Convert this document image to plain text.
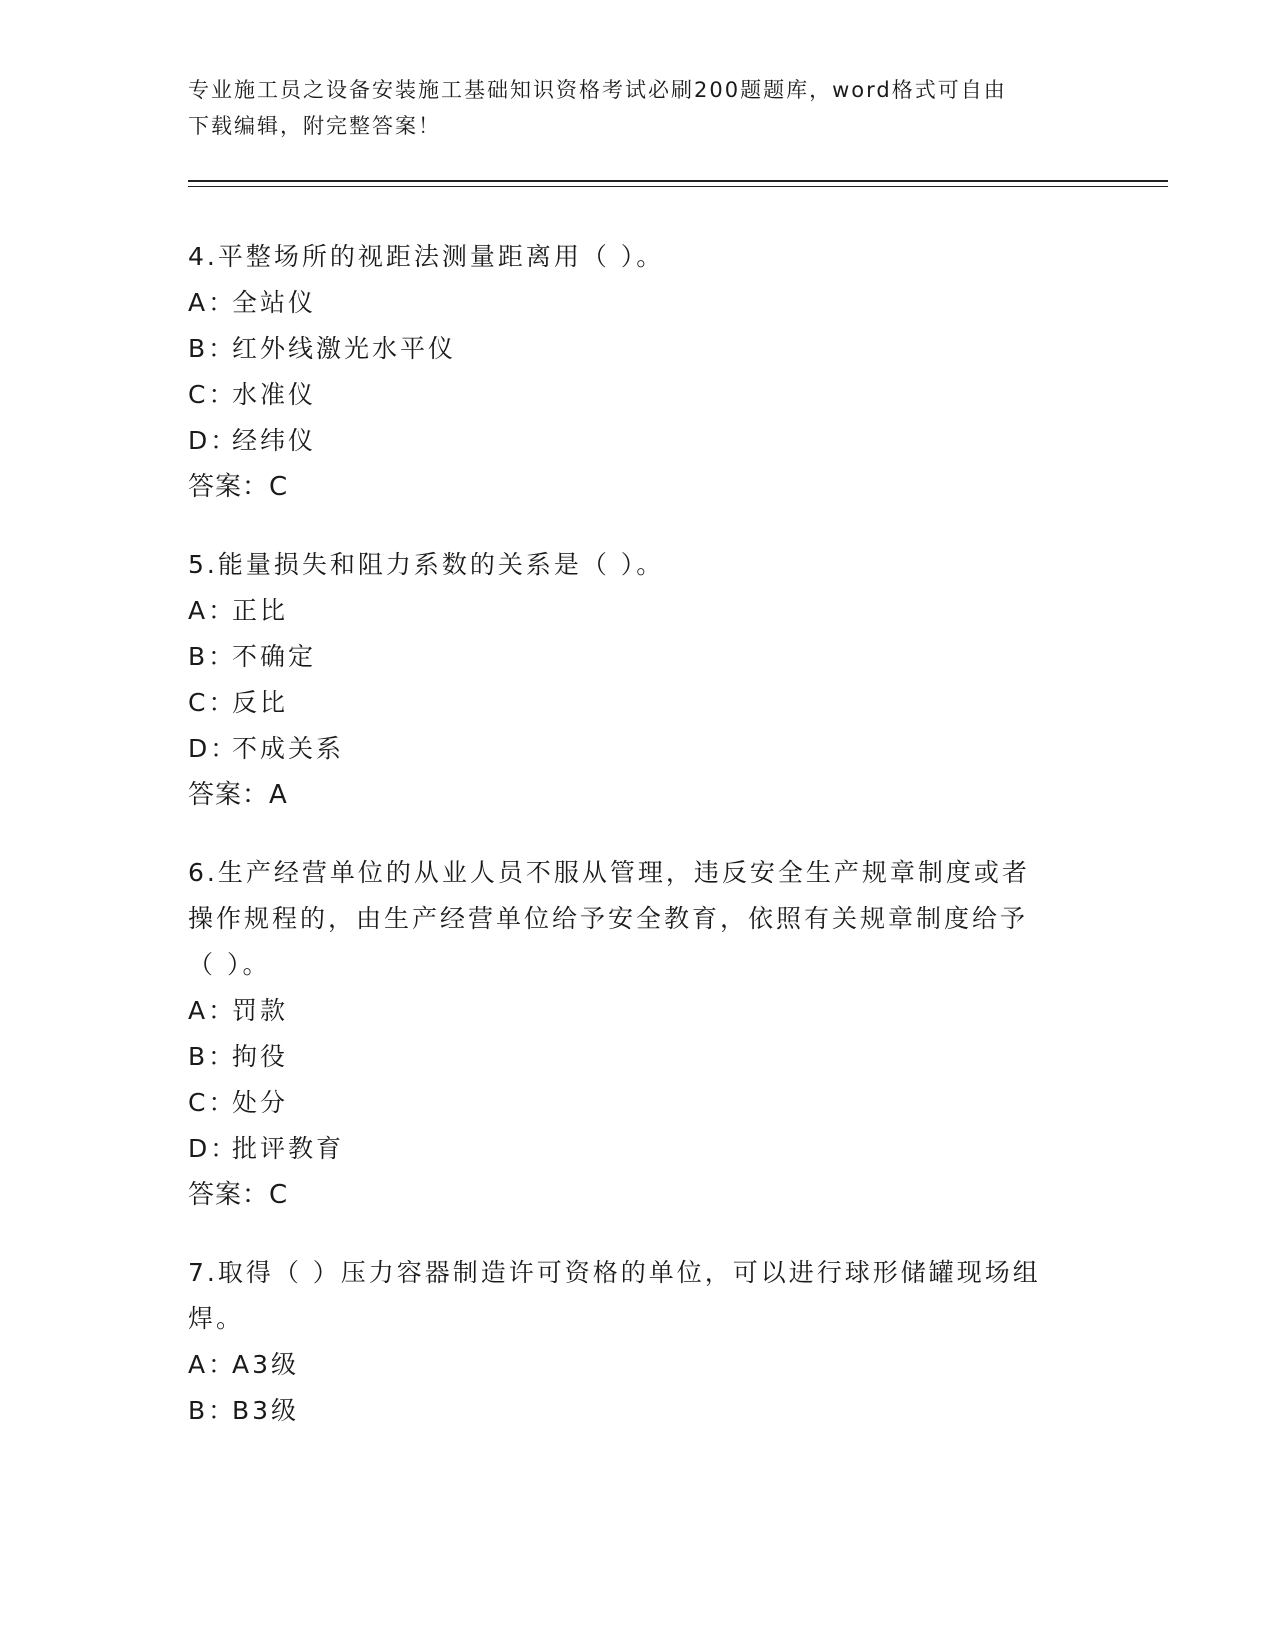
专业施工员之设备安装施工基础知识资格考试必刷200题题库，word格式可自由
下载编辑，附完整答案！
4.平整场所的视距法测量距离用（ ）。
A：全站仪
B：红外线激光水平仪
C：水准仪
D：经纬仪
答案：C
5.能量损失和阻力系数的关系是（ ）。
A：正比
B：不确定
C：反比
D：不成关系
答案：A
6.生产经营单位的从业人员不服从管理，违反安全生产规章制度或者
操作规程的，由生产经营单位给予安全教育，依照有关规章制度给予
（ ）。
A：罚款
B：拘役
C：处分
D：批评教育
答案：C
7.取得（ ）压力容器制造许可资格的单位，可以进行球形储罐现场组
焊。
A：A3级
B：B3级
